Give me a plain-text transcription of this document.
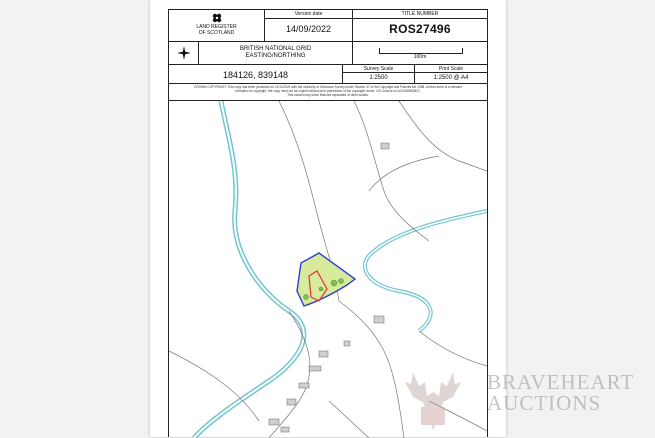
LAND REGISTER
OF SCOTLAND
Version date
14/09/2022
TITLE NUMBER
ROS27496
BRITISH NATIONAL GRID
EASTING/NORTHING	100m
184126, 839148
Survey Scale
1:2500
Print Scale
1:2500 @ A4
CROWN COPYRIGHT: This copy has been produced on 21/11/2024 with the authority of Ordnance Survey under Section 47 of the Copyright and Patents Act 1988. Unless there is a relevant
exception to copyright, the copy must not be copied without prior permission of the copyright owner. OS Licence no AC0000850437.
This extract may show features separated of other scales.
BRAVEHEART
AUCTIONS
